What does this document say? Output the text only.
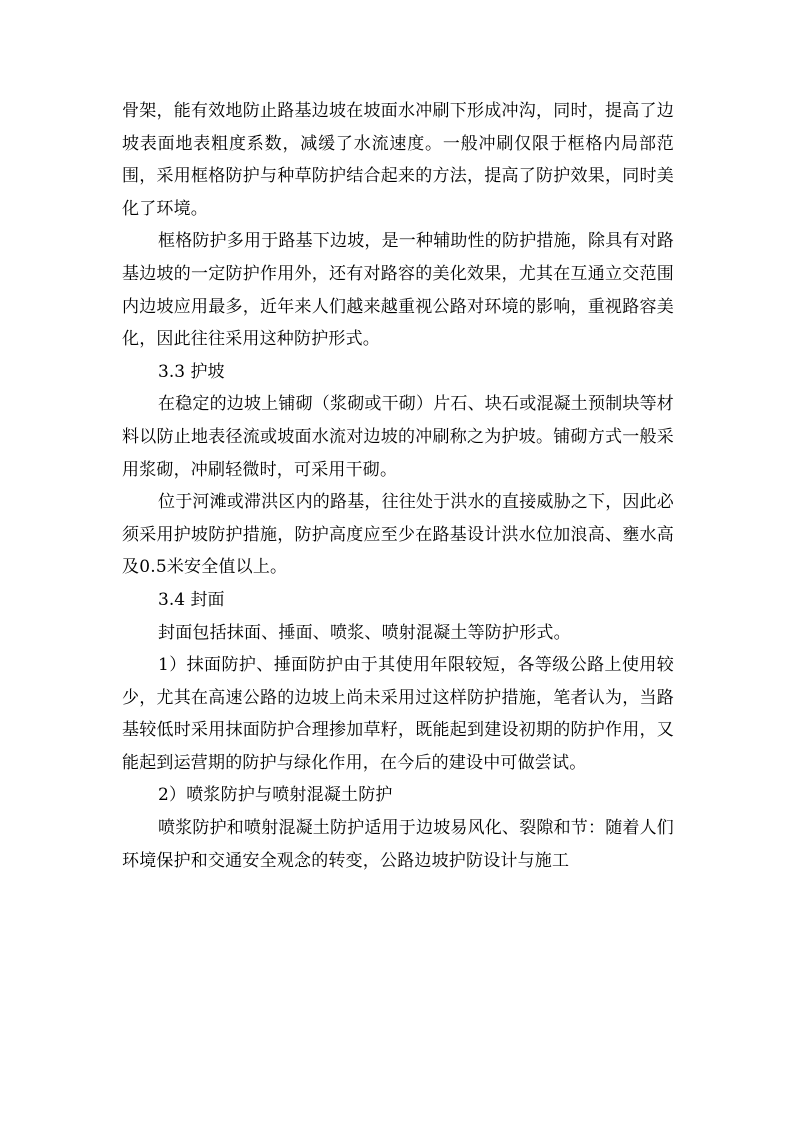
骨架，能有效地防止路基边坡在坡面水冲刷下形成冲沟，同时，提高了边坡表面地表粗度系数，减缓了水流速度。一般冲刷仅限于框格内局部范围，采用框格防护与种草防护结合起来的方法，提高了防护效果，同时美化了环境。

框格防护多用于路基下边坡，是一种辅助性的防护措施，除具有对路基边坡的一定防护作用外，还有对路容的美化效果，尤其在互通立交范围内边坡应用最多，近年来人们越来越重视公路对环境的影响，重视路容美化，因此往往采用这种防护形式。

3.3 护坡

在稳定的边坡上铺砌（浆砌或干砌）片石、块石或混凝土预制块等材料以防止地表径流或坡面水流对边坡的冲刷称之为护坡。铺砌方式一般采用浆砌，冲刷轻微时，可采用干砌。

位于河滩或滞洪区内的路基，往往处于洪水的直接威胁之下，因此必须采用护坡防护措施，防护高度应至少在路基设计洪水位加浪高、壅水高及0.5米安全值以上。

3.4 封面

封面包括抹面、捶面、喷浆、喷射混凝土等防护形式。

1）抹面防护、捶面防护由于其使用年限较短，各等级公路上使用较少，尤其在高速公路的边坡上尚未采用过这样防护措施，笔者认为，当路基较低时采用抹面防护合理掺加草籽，既能起到建设初期的防护作用，又能起到运营期的防护与绿化作用，在今后的建设中可做尝试。

2）喷浆防护与喷射混凝土防护

喷浆防护和喷射混凝土防护适用于边坡易风化、裂隙和节：随着人们环境保护和交通安全观念的转变，公路边坡护防设计与施工
